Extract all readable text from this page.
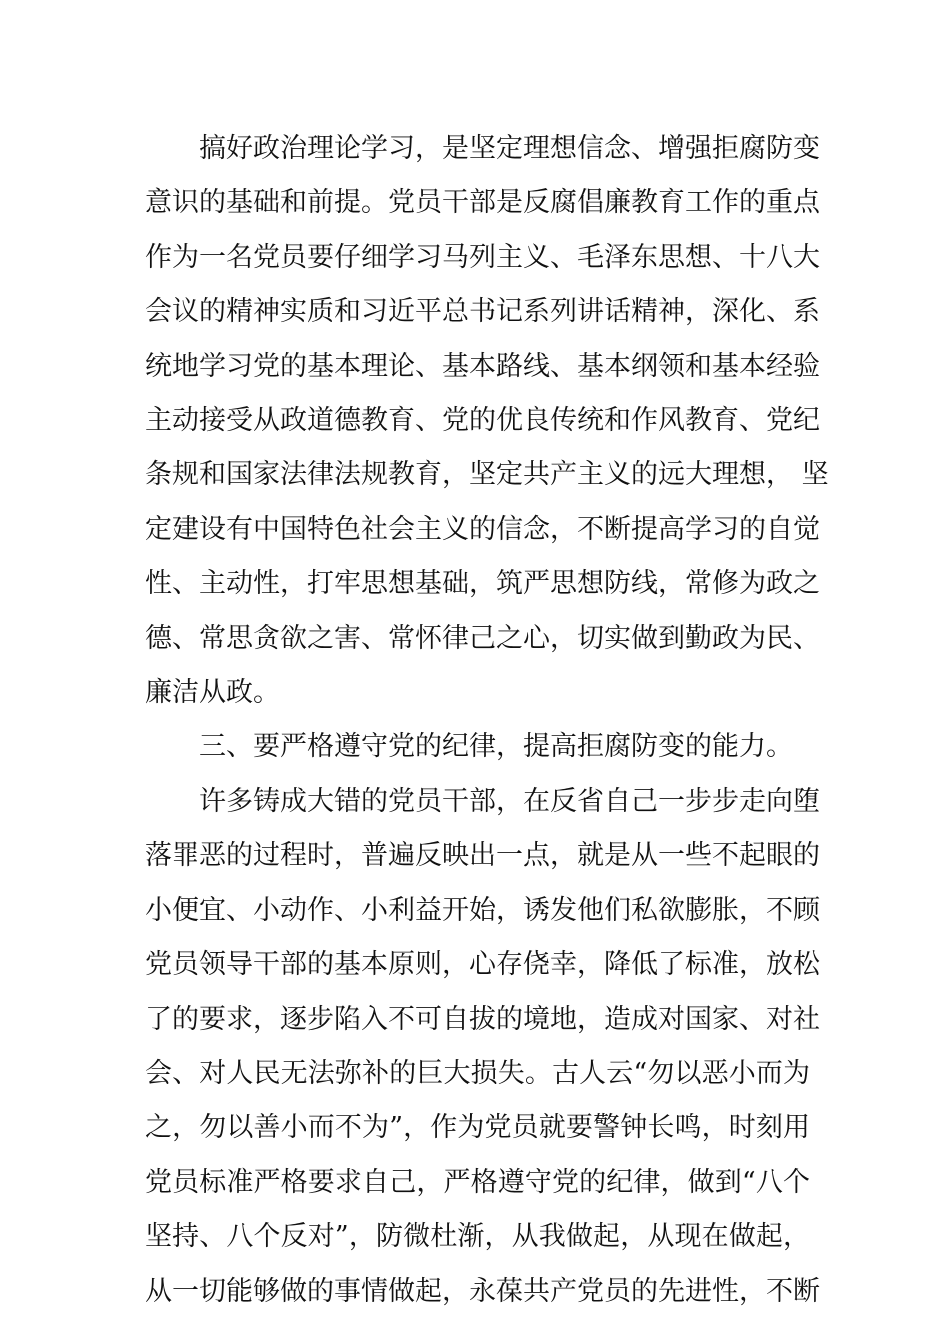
搞好政治理论学习，是坚定理想信念、增强拒腐防变
意识的基础和前提。党员干部是反腐倡廉教育工作的重点
作为一名党员要仔细学习马列主义、毛泽东思想、十八大
会议的精神实质和习近平总书记系列讲话精神，深化、系
统地学习党的基本理论、基本路线、基本纲领和基本经验
主动接受从政道德教育、党的优良传统和作风教育、党纪
条规和国家法律法规教育，坚定共产主义的远大理想， 坚
定建设有中国特色社会主义的信念，不断提高学习的自觉
性、主动性，打牢思想基础，筑严思想防线，常修为政之
德、常思贪欲之害、常怀律己之心，切实做到勤政为民、
廉洁从政。
三、要严格遵守党的纪律，提高拒腐防变的能力。
许多铸成大错的党员干部，在反省自己一步步走向堕
落罪恶的过程时，普遍反映出一点，就是从一些不起眼的
小便宜、小动作、小利益开始，诱发他们私欲膨胀，不顾
党员领导干部的基本原则，心存侥幸，降低了标准，放松
了的要求，逐步陷入不可自拔的境地，造成对国家、对社
会、对人民无法弥补的巨大损失。古人云“勿以恶小而为
之，勿以善小而不为”，作为党员就要警钟长鸣，时刻用
党员标准严格要求自己，严格遵守党的纪律，做到“八个
坚持、八个反对”，防微杜渐，从我做起，从现在做起，
从一切能够做的事情做起，永葆共产党员的先进性，不断
